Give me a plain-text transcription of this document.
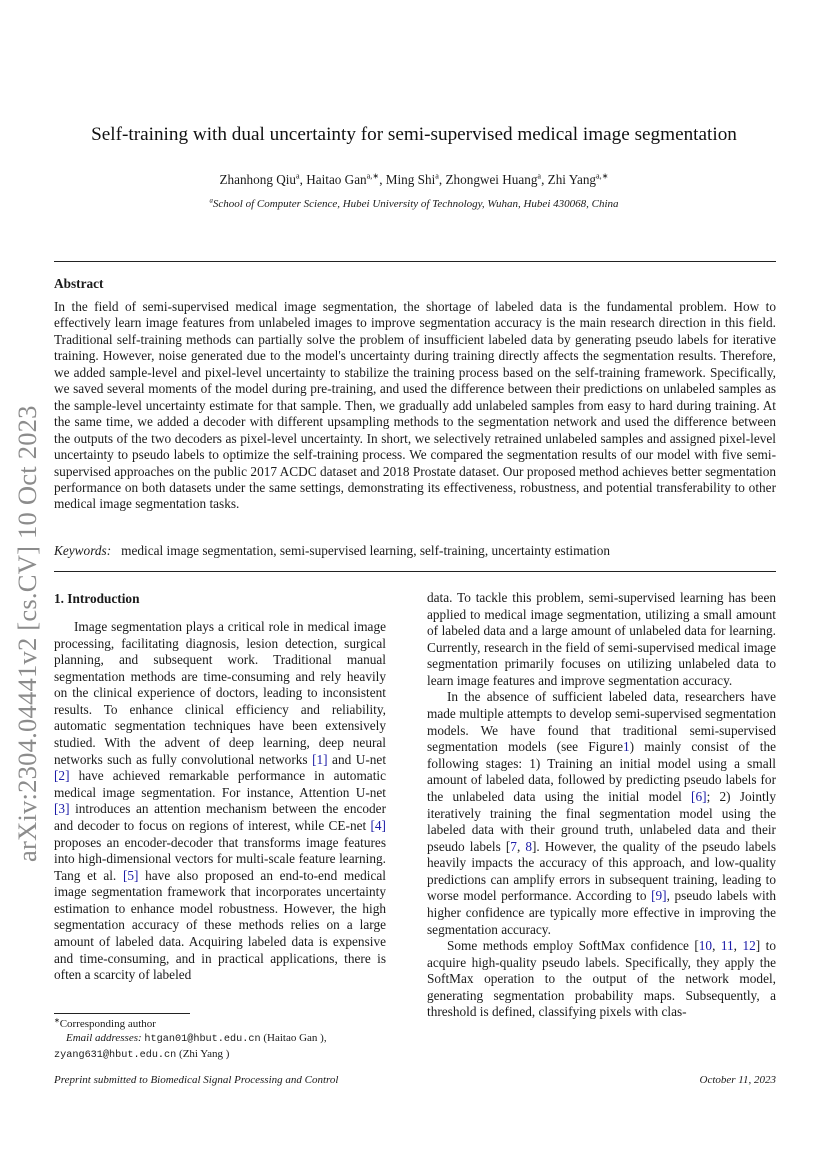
arXiv:2304.04441v2 [cs.CV] 10 Oct 2023
Self-training with dual uncertainty for semi-supervised medical image segmentation
Zhanhong Qiu$^a$, Haitao Gan$^{a,∗}$, Ming Shi$^a$, Zhongwei Huang$^a$, Zhi Yang$^{a,∗}$
$^a$School of Computer Science, Hubei University of Technology, Wuhan, Hubei 430068, China
Abstract

In the field of semi-supervised medical image segmentation, the shortage of labeled data is the fundamental problem. How to effectively learn image features from unlabeled images to improve segmentation accuracy is the main research direction in this field. Traditional self-training methods can partially solve the problem of insufficient labeled data by generating pseudo labels for iterative training. However, noise generated due to the model's uncertainty during training directly affects the segmentation results. Therefore, we added sample-level and pixel-level uncertainty to stabilize the training process based on the self-training framework. Specifically, we saved several moments of the model during pre-training, and used the difference between their predictions on unlabeled samples as the sample-level uncertainty estimate for that sample. Then, we gradually add unlabeled samples from easy to hard during training. At the same time, we added a decoder with different upsampling methods to the segmentation network and used the difference between the outputs of the two decoders as pixel-level uncertainty. In short, we selectively retrained unlabeled samples and assigned pixel-level uncertainty to pseudo labels to optimize the self-training process. We compared the segmentation results of our model with five semi-supervised approaches on the public 2017 ACDC dataset and 2018 Prostate dataset. Our proposed method achieves better segmentation performance on both datasets under the same settings, demonstrating its effectiveness, robustness, and potential transferability to other medical image segmentation tasks.

Keywords: medical image segmentation, semi-supervised learning, self-training, uncertainty estimation
1. Introduction

Image segmentation plays a critical role in medical image processing, facilitating diagnosis, lesion detection, surgical planning, and subsequent work. Traditional manual segmentation methods are time-consuming and rely heavily on the clinical experience of doctors, leading to inconsistent results. To enhance clinical efficiency and reliability, automatic segmentation techniques have been extensively studied. With the advent of deep learning, deep neural networks such as fully convolutional networks [1] and U-net [2] have achieved remarkable performance in automatic medical image segmentation. For instance, Attention U-net [3] introduces an attention mechanism between the encoder and decoder to focus on regions of interest, while CE-net [4] proposes an encoder-decoder that transforms image features into high-dimensional vectors for multi-scale feature learning. Tang et al. [5] have also proposed an end-to-end medical image segmentation framework that incorporates uncertainty estimation to enhance model robustness. However, the high segmentation accuracy of these methods relies on a large amount of labeled data. Acquiring labeled data is expensive and time-consuming, and in practical applications, there is often a scarcity of labeled

data. To tackle this problem, semi-supervised learning has been applied to medical image segmentation, utilizing a small amount of labeled data and a large amount of unlabeled data for learning. Currently, research in the field of semi-supervised medical image segmentation primarily focuses on utilizing unlabeled data to learn image features and improve segmentation accuracy.

In the absence of sufficient labeled data, researchers have made multiple attempts to develop semi-supervised segmentation models. We have found that traditional semi-supervised segmentation models (see Figure1) mainly consist of the following stages: 1) Training an initial model using a small amount of labeled data, followed by predicting pseudo labels for the unlabeled data using the initial model [6]; 2) Jointly iteratively training the final segmentation model using the labeled data with their ground truth, unlabeled data and their pseudo labels [7, 8]. However, the quality of the pseudo labels heavily impacts the accuracy of this approach, and low-quality predictions can amplify errors in subsequent training, leading to worse model performance. According to [9], pseudo labels with higher confidence are typically more effective in improving the segmentation accuracy.

Some methods employ SoftMax confidence [10, 11, 12] to acquire high-quality pseudo labels. Specifically, they apply the SoftMax operation to the output of the network model, generating segmentation probability maps. Subsequently, a threshold is defined, classifying pixels with clas-

∗Corresponding author
Email addresses: htgan01@hbut.edu.cn (Haitao Gan ),
zyang631@hbut.edu.cn (Zhi Yang )
Preprint submitted to Biomedical Signal Processing and Control	October 11, 2023
